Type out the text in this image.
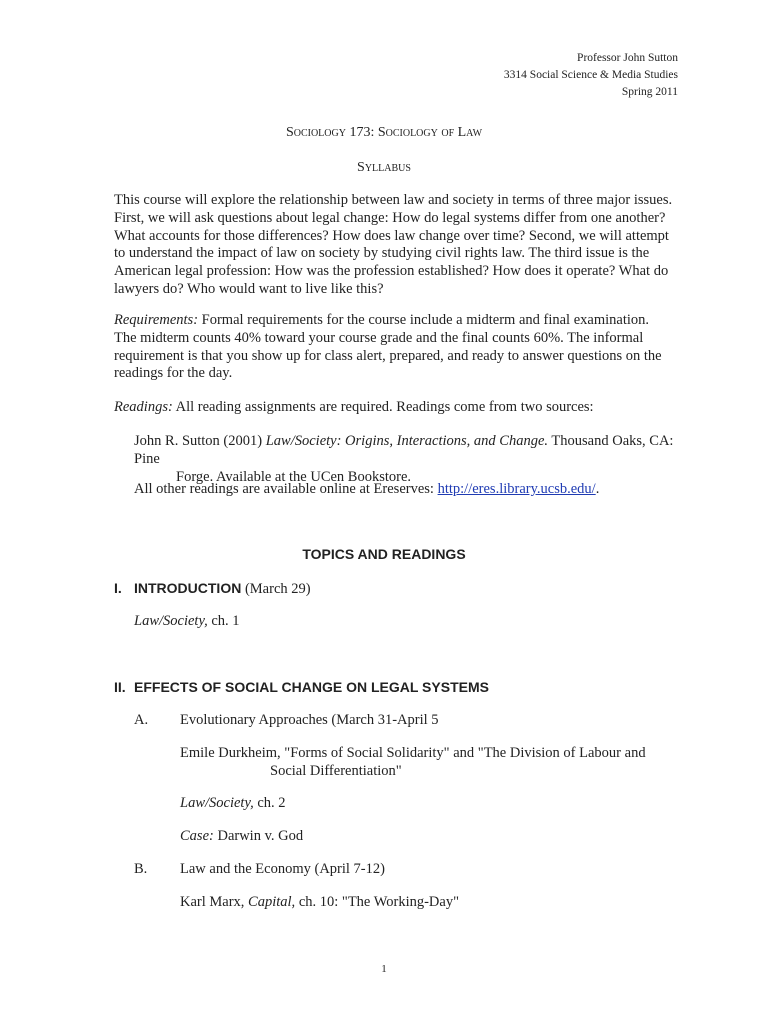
Professor John Sutton
3314 Social Science & Media Studies
Spring 2011
Sociology 173: Sociology of Law
Syllabus
This course will explore the relationship between law and society in terms of three major issues. First, we will ask questions about legal change: How do legal systems differ from one another? What accounts for those differences? How does law change over time? Second, we will attempt to understand the impact of law on society by studying civil rights law. The third issue is the American legal profession: How was the profession established? How does it operate? What do lawyers do? Who would want to live like this?
Requirements: Formal requirements for the course include a midterm and final examination. The midterm counts 40% toward your course grade and the final counts 60%. The informal requirement is that you show up for class alert, prepared, and ready to answer questions on the readings for the day.
Readings: All reading assignments are required. Readings come from two sources:
John R. Sutton (2001) Law/Society: Origins, Interactions, and Change. Thousand Oaks, CA: Pine
Forge. Available at the UCen Bookstore.
All other readings are available online at Ereserves: http://eres.library.ucsb.edu/.
TOPICS AND READINGS
I. INTRODUCTION (March 29)
Law/Society, ch. 1
II. EFFECTS OF SOCIAL CHANGE ON LEGAL SYSTEMS
A. Evolutionary Approaches (March 31-April 5
Emile Durkheim, "Forms of Social Solidarity" and "The Division of Labour and
Social Differentiation"
Law/Society, ch. 2
Case: Darwin v. God
B. Law and the Economy (April 7-12)
Karl Marx, Capital, ch. 10: "The Working-Day"
1
